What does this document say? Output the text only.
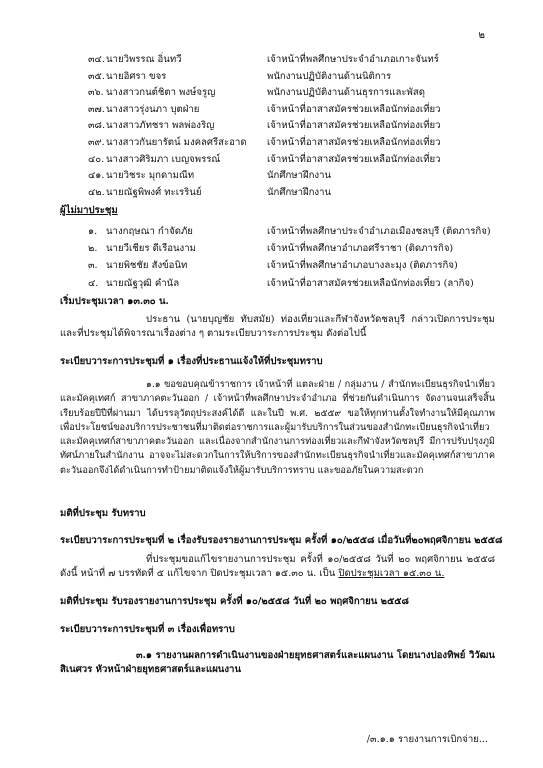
๒
๓๔. นายวิพรรณ อิ่นทวี	เจ้าหน้าที่พลศึกษาประจำอำเภอเกาะจันทร์
๓๕. นายอิศรา ขจร	พนักงานปฏิบัติงานด้านนิติการ
๓๖. นางสาวกนต์ชิตา พงษ์จรูญ	พนักงานปฏิบัติงานด้านธุรการและพัสดุ
๓๗. นางสาวรุ่งนภา บุตฝ่าย	เจ้าหน้าที่อาสาสมัครช่วยเหลือนักท่องเที่ยว
๓๘. นางสาวภัทชรา พลพ่องริญ	เจ้าหน้าที่อาสาสมัครช่วยเหลือนักท่องเที่ยว
๓๙. นางสาวกันยารัตน์ มงคลศรีสะอาด เจ้าหน้าที่อาสาสมัครช่วยเหลือนักท่องเที่ยว
๔๐. นางสาวศิริมภา เบญจพรรณ์	เจ้าหน้าที่อาสาสมัครช่วยเหลือนักท่องเที่ยว
๔๑. นายวิชระ มุกดามณีท	นักศึกษาฝึกงาน
๔๒. นายณัฐพิพงศ์ ทะเรรินย์	นักศึกษาฝึกงาน
ผู้ไม่มาประชุม
๑. นางกฤษณา กำจัดภัย	เจ้าหน้าที่พลศึกษาประจำอำเภอเมืองชลบุรี (ติดภารกิจ)
๒. นายวีเชียร ดีเรือนงาม	เจ้าหน้าที่พลศึกษาอำเภอศรีราชา (ติดภารกิจ)
๓. นายพิชชัย สังข์อนิท	เจ้าหน้าที่พลศึกษาอำเภอบางละมุง (ติดภารกิจ)
๔. นายณัฐวุฒิ คำนัล	เจ้าหน้าที่อาสาสมัครช่วยเหลือนักท่องเที่ยว (ลากิจ)
เริ่มประชุมเวลา ๑๓.๓๐ น.
ประธาน (นายบุญชัย ทับสมัย) ท่องเที่ยวและกีฬาจังหวัดชลบุรี กล่าวเปิดการประชุมและที่ประชุมได้พิจารณาเรื่องต่าง ๆ ตามระเบียบวาระการประชุม ดังต่อไปนี้
ระเบียบวาระการประชุมที่ ๑ เรื่องที่ประธานแจ้งให้ที่ประชุมทราบ
๑.๑ ขอขอบคุณข้าราชการ เจ้าหน้าที่ แตละฝ่าย / กลุ่มงาน / สำนักทะเบียนธุรกิจนำเที่ยวและมัคคุเทศก์ สาขาภาคตะวันออก / เจ้าหน้าที่พลศึกษาประจำอำเภอ ที่ช่วยกันดำเนินการ จัดงานจนเสร็จสิ้นเรียบร้อยปีปีที่ผ่านมา ได้บรรลุวัตถุประสงค์ได้ดี และในปี พ.ศ. ๒๕๕๙ ขอให้ทุกท่านตั้งใจทำงานให้มีคุณภาพ เพื่อประโยชน์ของบริการประชาชนที่มาติดต่อราชการและผู้มารับบริการในส่วนของสำนักทะเบียนธุรกิจนำเที่ยวและมัคคุเทศก์สาขาภาคตะวันออก และเนื่องจากสำนักงานการท่องเที่ยวและกีฬาจังหวัดชลบุรี มีการปรับปรุงภูมิทัศน์ภายในสำนักงาน อาจจะไม่สะดวกในการให้บริการของสำนักทะเบียนธุรกิจนำเที่ยวและมัคคุเทศก์สาขาภาคตะวันออกจึงได้ดำเนินการทำป้ายมาติดแจ้งให้ผู้มารับบริการทราบ และขออภัยในความสะดวก
มติที่ประชุม รับทราบ
ระเบียบวาระการประชุมที่ ๒ เรื่องรับรองรายงานการประชุม ครั้งที่ ๑๐/๒๕๕๘ เมื่อวันที่๒๐พฤศจิกายน ๒๕๕๘
ที่ประชุมขอแก้ไขรายงานการประชุม ครั้งที่ ๑๐/๒๕๕๘ วันที่ ๒๐ พฤศจิกายน ๒๕๕๘ ดังนี้ หน้าที่ ๗ บรรทัดที่ ๕ แก้ไขจาก ปิดประชุมเวลา ๑๕.๓๐ น. เป็น ปิดประชุมเวลา ๑๕.๓๐ น.
มติที่ประชุม รับรองรายงานการประชุม ครั้งที่ ๑๐/๒๕๕๘ วันที่ ๒๐ พฤศจิกายน ๒๕๕๘
ระเบียบวาระการประชุมที่ ๓ เรื่องเพื่อทราบ
๓.๑ รายงานผลการดำเนินงานของฝ่ายยุทธศาสตร์และแผนงาน โดยนางปองทิพย์ วิวัฒนสิเนศวร หัวหน้าฝ่ายยุทธศาสตร์และแผนงาน
/๓.๑.๑ รายงานการเบิกจ่าย...
